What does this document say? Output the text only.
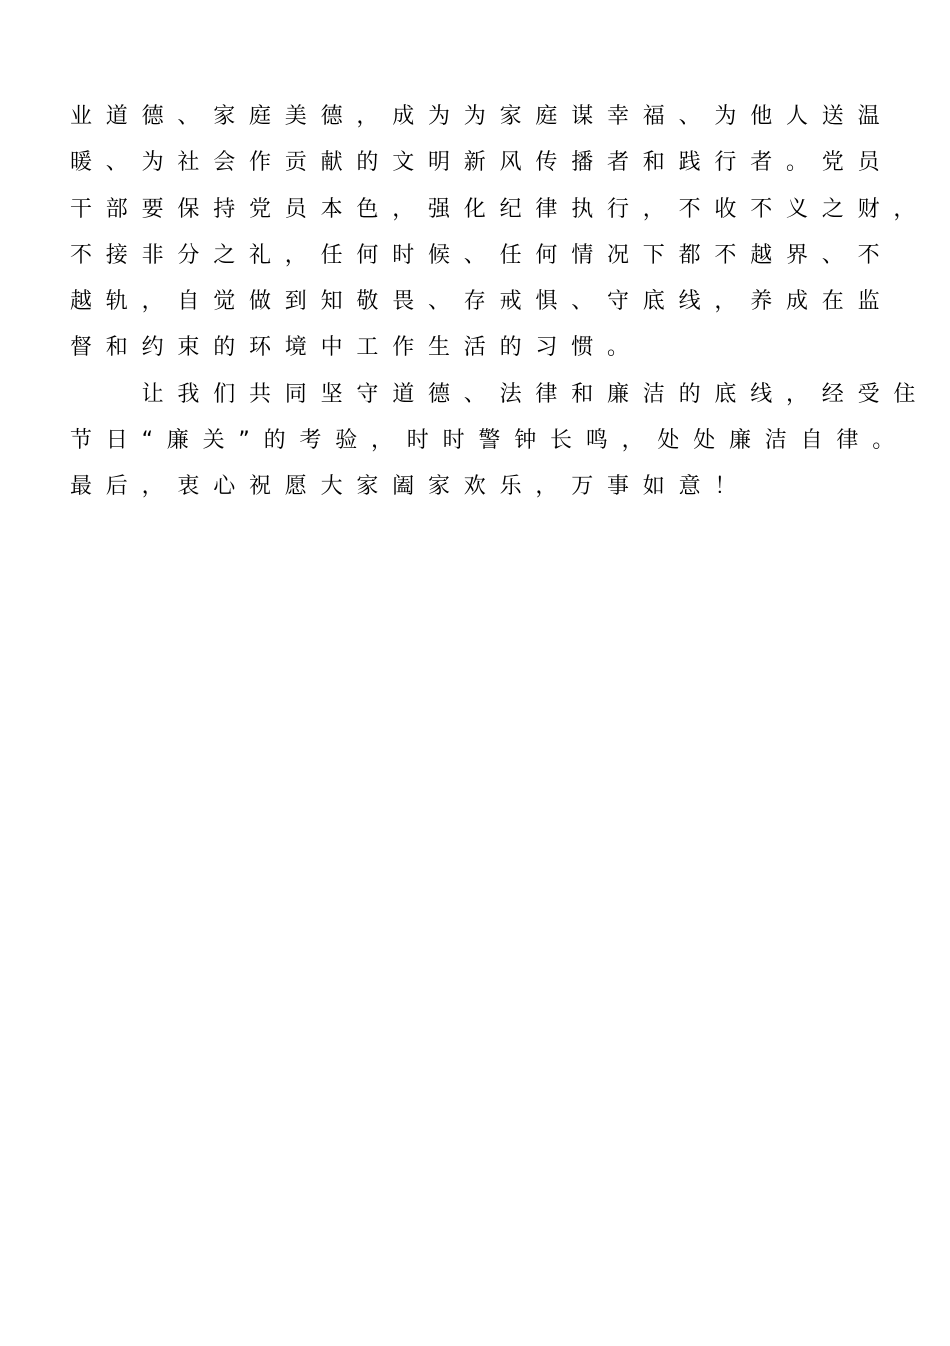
业道德、家庭美德，成为为家庭谋幸福、为他人送温
暖、为社会作贡献的文明新风传播者和践行者。党员
干部要保持党员本色，强化纪律执行，不收不义之财，
不接非分之礼，任何时候、任何情况下都不越界、不
越轨，自觉做到知敬畏、存戒惧、守底线，养成在监
督和约束的环境中工作生活的习惯。
　　让我们共同坚守道德、法律和廉洁的底线，经受住
节日“廉关”的考验，时时警钟长鸣，处处廉洁自律。
最后，衷心祝愿大家阖家欢乐，万事如意！
